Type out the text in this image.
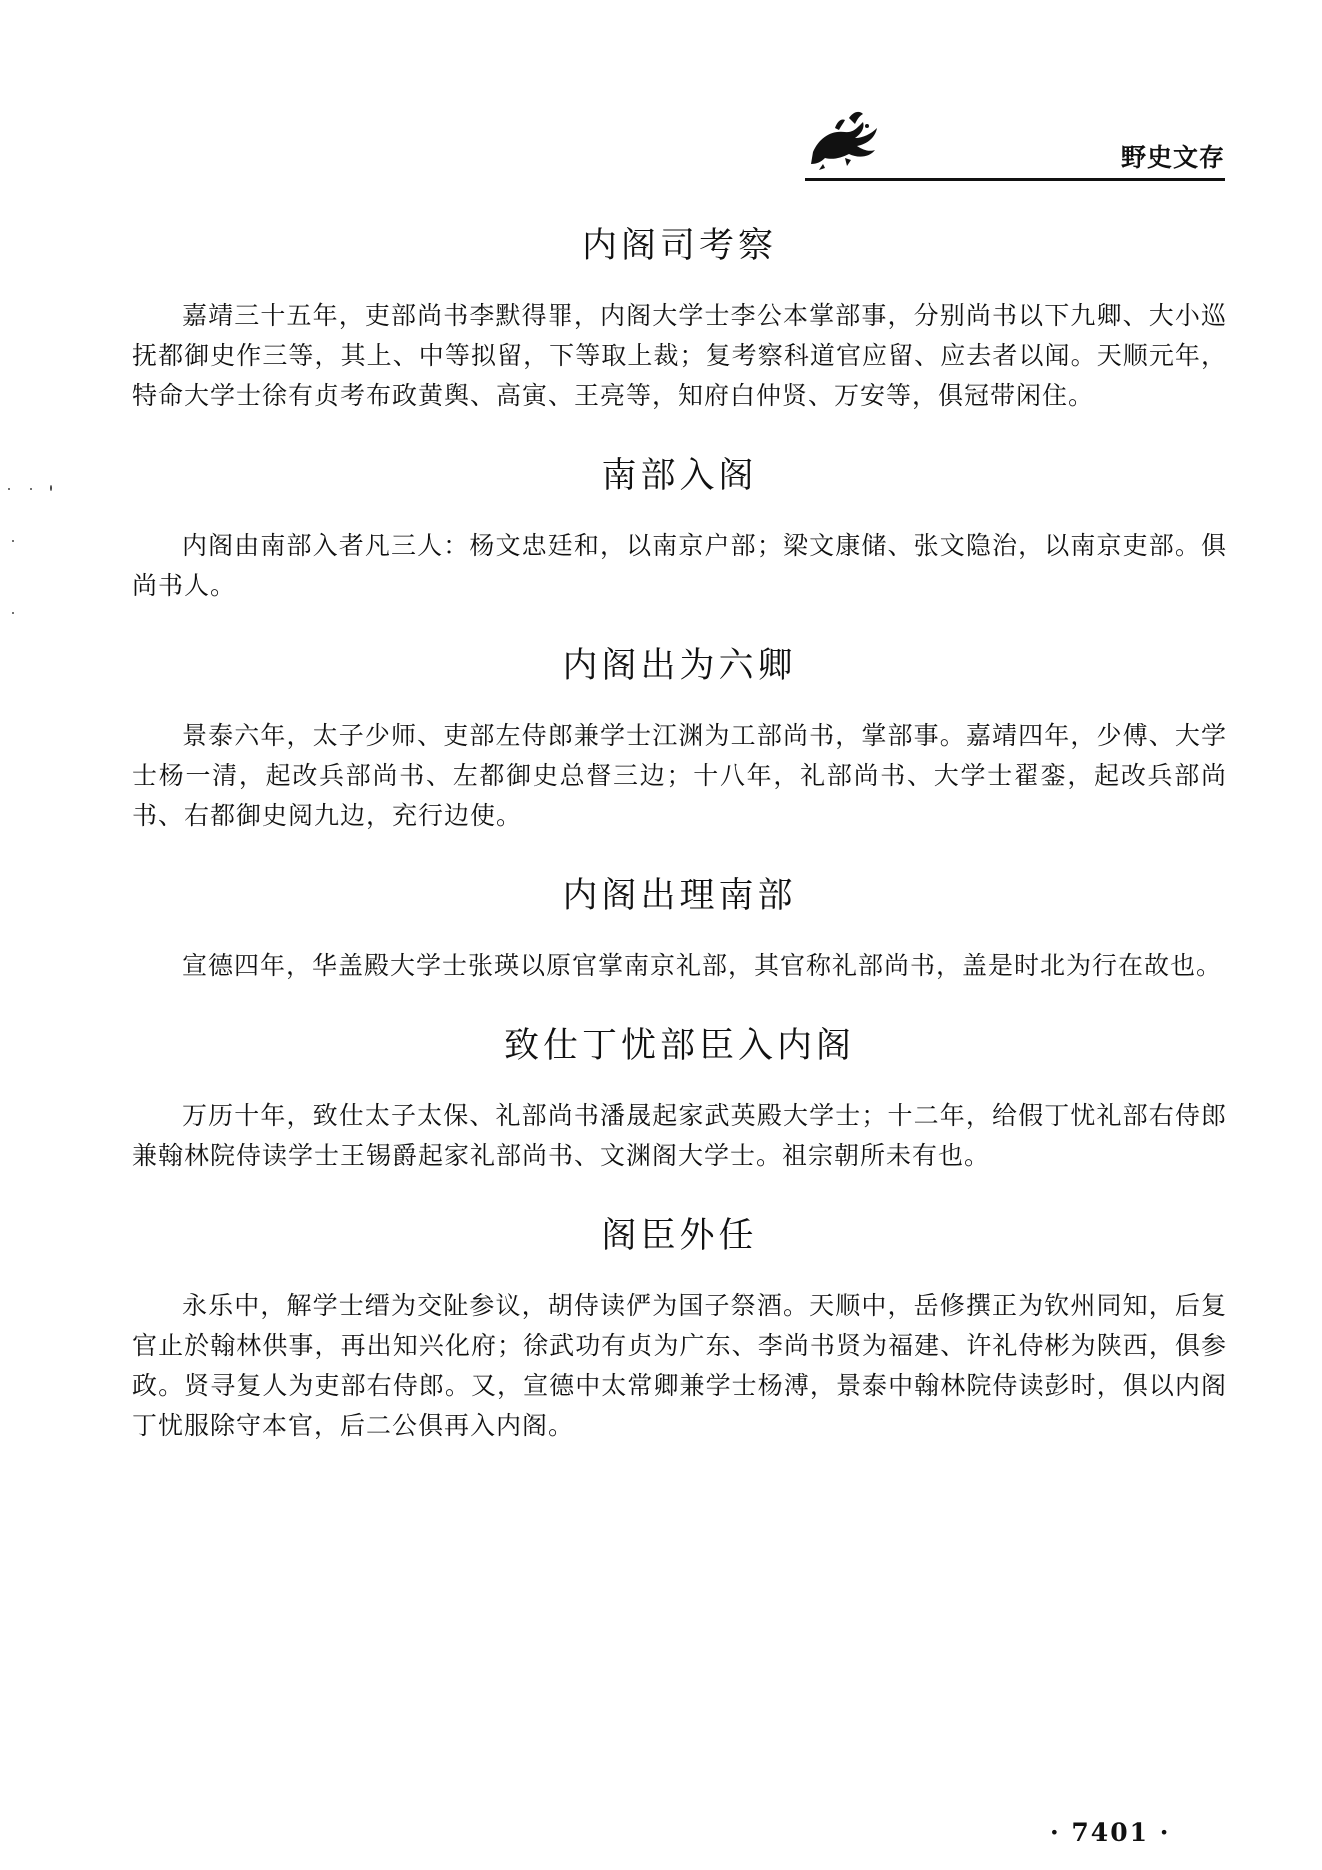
野史文存
内阁司考察

嘉靖三十五年，吏部尚书李默得罪，内阁大学士李公本掌部事，分别尚书以下九卿、大小巡抚都御史作三等，其上、中等拟留，下等取上裁；复考察科道官应留、应去者以闻。天顺元年，特命大学士徐有贞考布政黄舆、高寅、王亮等，知府白仲贤、万安等，俱冠带闲住。

南部入阁

内阁由南部入者凡三人：杨文忠廷和，以南京户部；梁文康储、张文隐治，以南京吏部。俱尚书人。

内阁出为六卿

景泰六年，太子少师、吏部左侍郎兼学士江渊为工部尚书，掌部事。嘉靖四年，少傅、大学士杨一清，起改兵部尚书、左都御史总督三边；十八年，礼部尚书、大学士翟銮，起改兵部尚书、右都御史阅九边，充行边使。

内阁出理南部

宣德四年，华盖殿大学士张瑛以原官掌南京礼部，其官称礼部尚书，盖是时北为行在故也。

致仕丁忧部臣入内阁

万历十年，致仕太子太保、礼部尚书潘晟起家武英殿大学士；十二年，给假丁忧礼部右侍郎兼翰林院侍读学士王锡爵起家礼部尚书、文渊阁大学士。祖宗朝所未有也。

阁臣外任

永乐中，解学士缙为交阯参议，胡侍读俨为国子祭酒。天顺中，岳修撰正为钦州同知，后复官止於翰林供事，再出知兴化府；徐武功有贞为广东、李尚书贤为福建、许礼侍彬为陕西，俱参政。贤寻复人为吏部右侍郎。又，宣德中太常卿兼学士杨溥，景泰中翰林院侍读彭时，俱以内阁丁忧服除守本官，后二公俱再入内阁。

· 7401 ·
